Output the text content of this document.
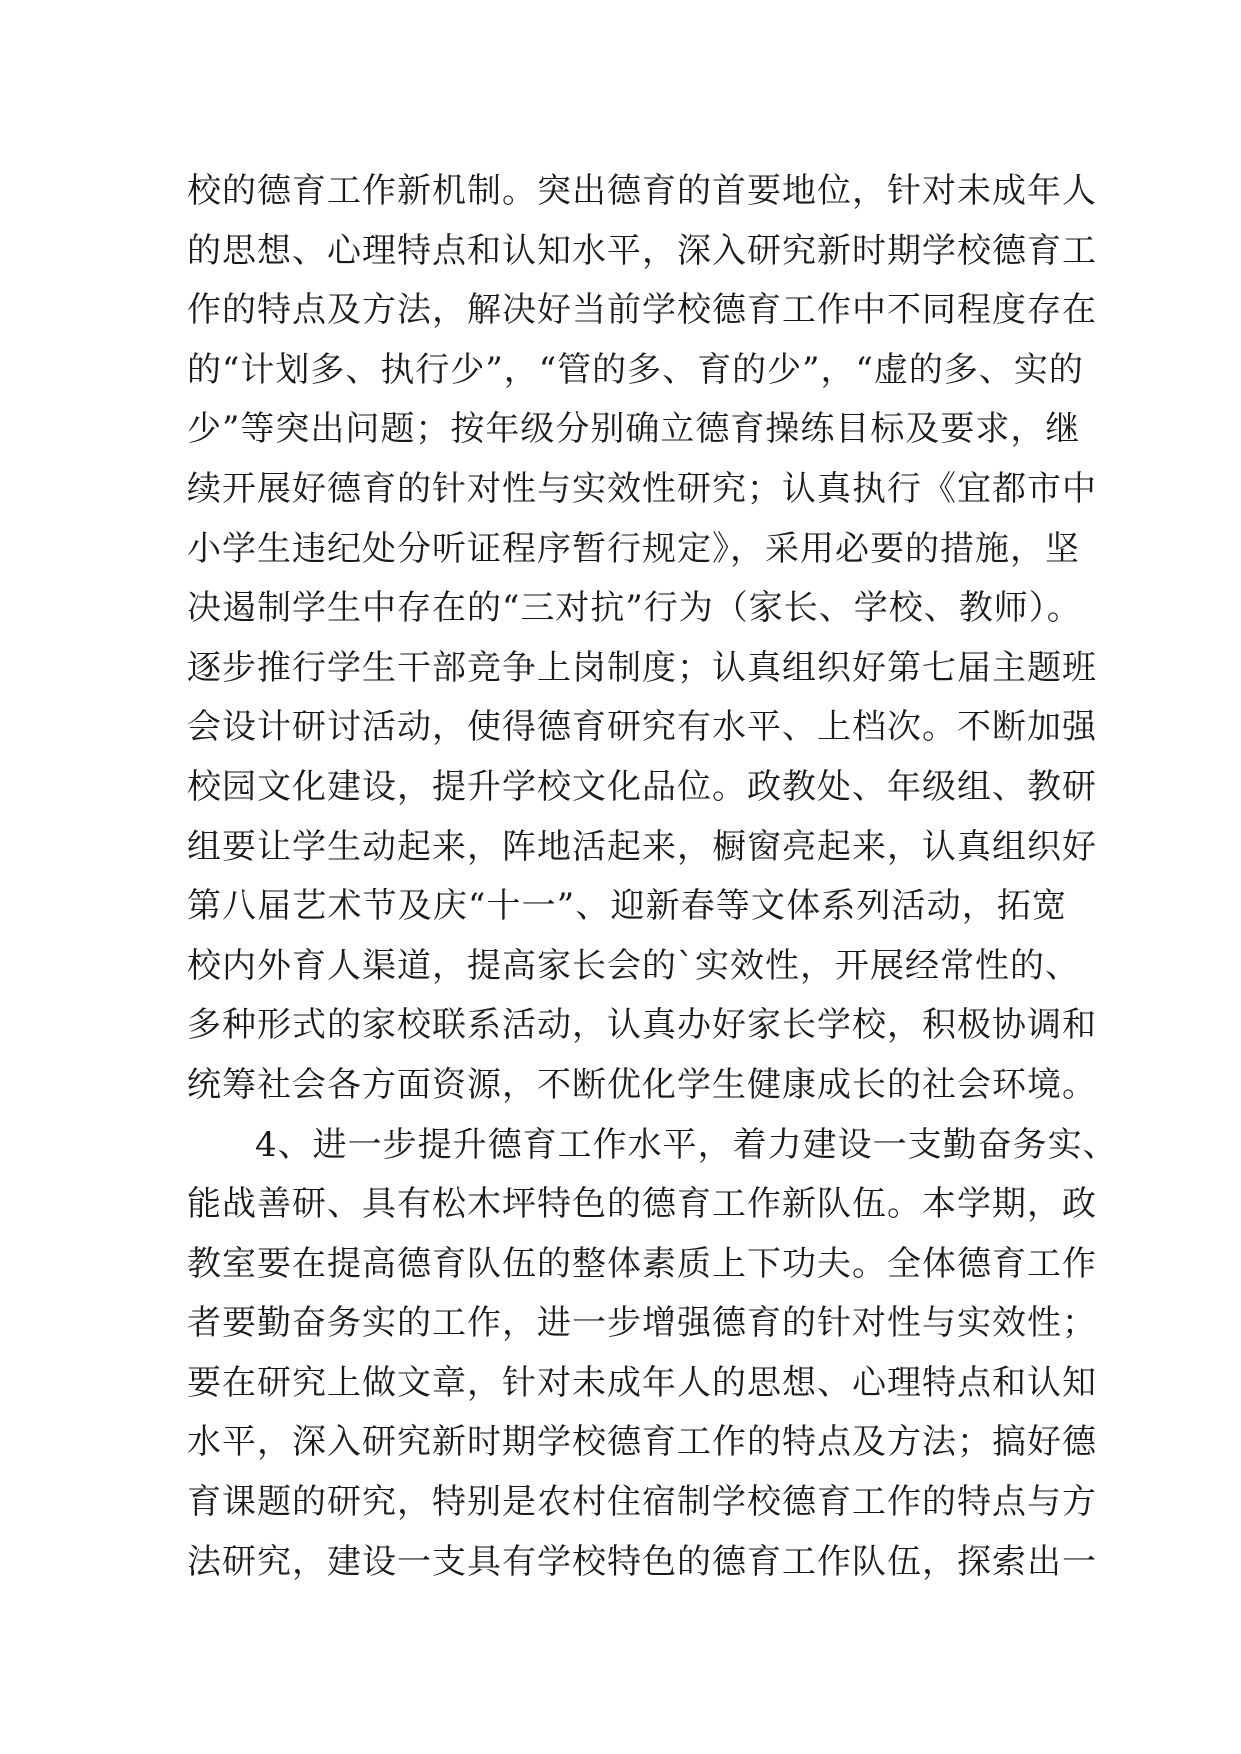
校的德育工作新机制。突出德育的首要地位，针对未成年人
的思想、心理特点和认知水平，深入研究新时期学校德育工
作的特点及方法，解决好当前学校德育工作中不同程度存在
的“计划多、执行少”，“管的多、育的少”，“虚的多、实的
少”等突出问题；按年级分别确立德育操练目标及要求，继
续开展好德育的针对性与实效性研究；认真执行《宜都市中
小学生违纪处分听证程序暂行规定》，采用必要的措施，坚
决遏制学生中存在的“三对抗”行为（家长、学校、教师）。
逐步推行学生干部竞争上岗制度；认真组织好第七届主题班
会设计研讨活动，使得德育研究有水平、上档次。不断加强
校园文化建设，提升学校文化品位。政教处、年级组、教研
组要让学生动起来，阵地活起来，橱窗亮起来，认真组织好
第八届艺术节及庆“十一”、迎新春等文体系列活动，拓宽
校内外育人渠道，提高家长会的`实效性，开展经常性的、
多种形式的家校联系活动，认真办好家长学校，积极协调和
统筹社会各方面资源，不断优化学生健康成长的社会环境。
4、进一步提升德育工作水平，着力建设一支勤奋务实、
能战善研、具有松木坪特色的德育工作新队伍。本学期，政
教室要在提高德育队伍的整体素质上下功夫。全体德育工作
者要勤奋务实的工作，进一步增强德育的针对性与实效性；
要在研究上做文章，针对未成年人的思想、心理特点和认知
水平，深入研究新时期学校德育工作的特点及方法；搞好德
育课题的研究，特别是农村住宿制学校德育工作的特点与方
法研究，建设一支具有学校特色的德育工作队伍，探索出一
